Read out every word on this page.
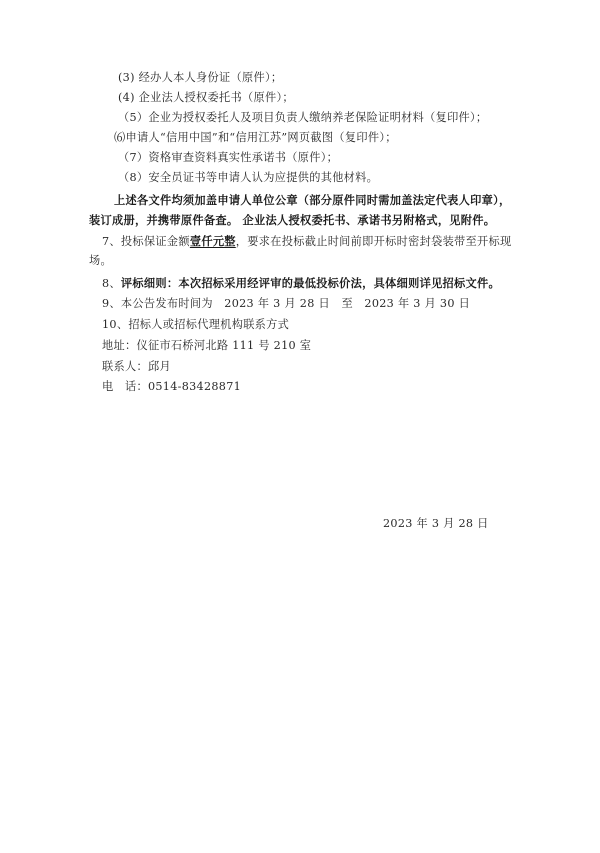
(3) 经办人本人身份证（原件）；
(4) 企业法人授权委托书（原件）；
（5）企业为授权委托人及项目负责人缴纳养老保险证明材料（复印件）；
⑹申请人“信用中国”和“信用江苏”网页截图（复印件）；
（7）资格审查资料真实性承诺书（原件）；
（8）安全员证书等申请人认为应提供的其他材料。
上述各文件均须加盖申请人单位公章（部分原件同时需加盖法定代表人印章），
装订成册，并携带原件备查。 企业法人授权委托书、承诺书另附格式，见附件。
7、投标保证金额壹仟元整，要求在投标截止时间前即开标时密封袋装带至开标现
场。
8、评标细则：本次招标采用经评审的最低投标价法，具体细则详见招标文件。
9、本公告发布时间为　2023 年 3 月 28 日　至　2023 年 3 月 30 日
10、招标人或招标代理机构联系方式
地址：仪征市石桥河北路 111 号 210 室
联系人：邱月
电　话：0514-83428871
2023 年 3 月 28 日
